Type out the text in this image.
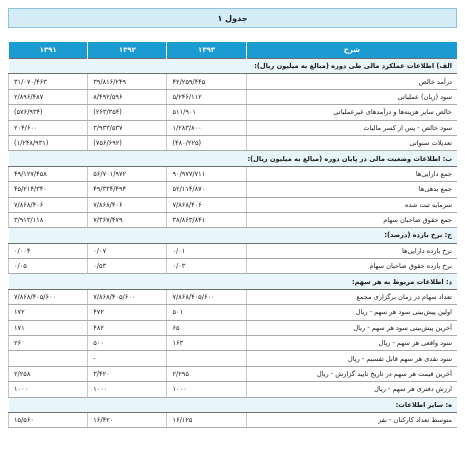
جدول ۱
شرح	۱۳۹۳	۱۳۹۲	۱۳۹۱
الف) اطلاعات عملکرد مالی طی دوره (مبالغ به میلیون ریال):			
درآمد خالص	۴۲/۲۵۹/۴۴۵	۳۹/۸۱۶/۲۴۹	۳۱/۰۷۰/۴۶۳
سود (زیان) عملیاتی	۵/۲۴۶/۱۱۲	۸/۴۹۲/۵۹۶	۲/۸۹۶/۴۸۷
خالص سایر هزینه‌ها و درآمدهای غیرعملیاتی	۵۱۱/۹۰۱	(۲۶۳/۳۵۴)	(۵۷۶/۹۳۴)
سود خالص - پس از کسر مالیات	۱/۲۸۳/۸۰۰	۳/۹۳۳/۵۳۷	۲۰۴/۶۰۰
تعدیلات سنواتی	(۴۸۰/۲۲۵)	(۷۵۶/۶۹۲)	(۱/۲۴۸/۹۳۱)
ب: اطلاعات وضعیت مالی در پایان دوره (مبالغ به میلیون ریال):			
جمع دارایی‌ها	۹۰/۹۷۷/۷۱۱	۵۶/۷۰۱/۹۷۲	۴۹/۱۲۷/۴۵۸
جمع بدهی‌ها	۵۲/۱۱۴/۸۷۰	۴۹/۳۳۴/۴۹۴	۴۵/۲۱۴/۳۴۰
سرمایه ثبت شده	۷/۸۶۸/۴۰۶	۷/۸۶۸/۴۰۶	۷/۸۶۸/۴۰۶
جمع حقوق صاحبان سهام	۳۸/۸۶۳/۸۴۱	۷/۳۶۷/۴۷۹	۳/۹۱۳/۱۱۸
ج: نرخ بازده (درصد):			
نرخ بازده دارایی‌ها	۰/۰۱	۰/۰۷	۰/۰۰۴
نرخ بازده حقوق صاحبان سهام	۰/۰۳	۰/۵۳	۰/۰۵
د: اطلاعات مربوط به هر سهم:			
تعداد سهام در زمان برگزاری مجمع	۷/۸۶۸/۴۰۵/۶۰۰	۷/۸۶۸/۴۰۵/۶۰۰	۷/۸۶۸/۴۰۵/۶۰۰
اولین پیش‌بینی سود هر سهم - ریال	۵۰۱	۴۷۲	۱۷۲
آخرین پیش‌بینی سود هر سهم - ریال	۶۵	۴۸۲	۱۷۱
سود واقعی هر سهم - ریال	۱۶۳	۵۰۰	۲۶
سود نقدی هر سهم قابل تقسیم - ریال		-	
آخرین قیمت هر سهم در تاریخ تایید گزارش - ریال	۲/۲۹۵	۳/۴۲۰	۲/۲۵۸
ارزش دفتری هر سهم - ریال	۱۰۰۰	۱۰۰۰	۱۰۰۰
ه: سایر اطلاعات:			
متوسط تعداد کارکنان - نفر	۱۶/۱۲۵	۱۶/۴۲۰	۱۵/۵۶۰
